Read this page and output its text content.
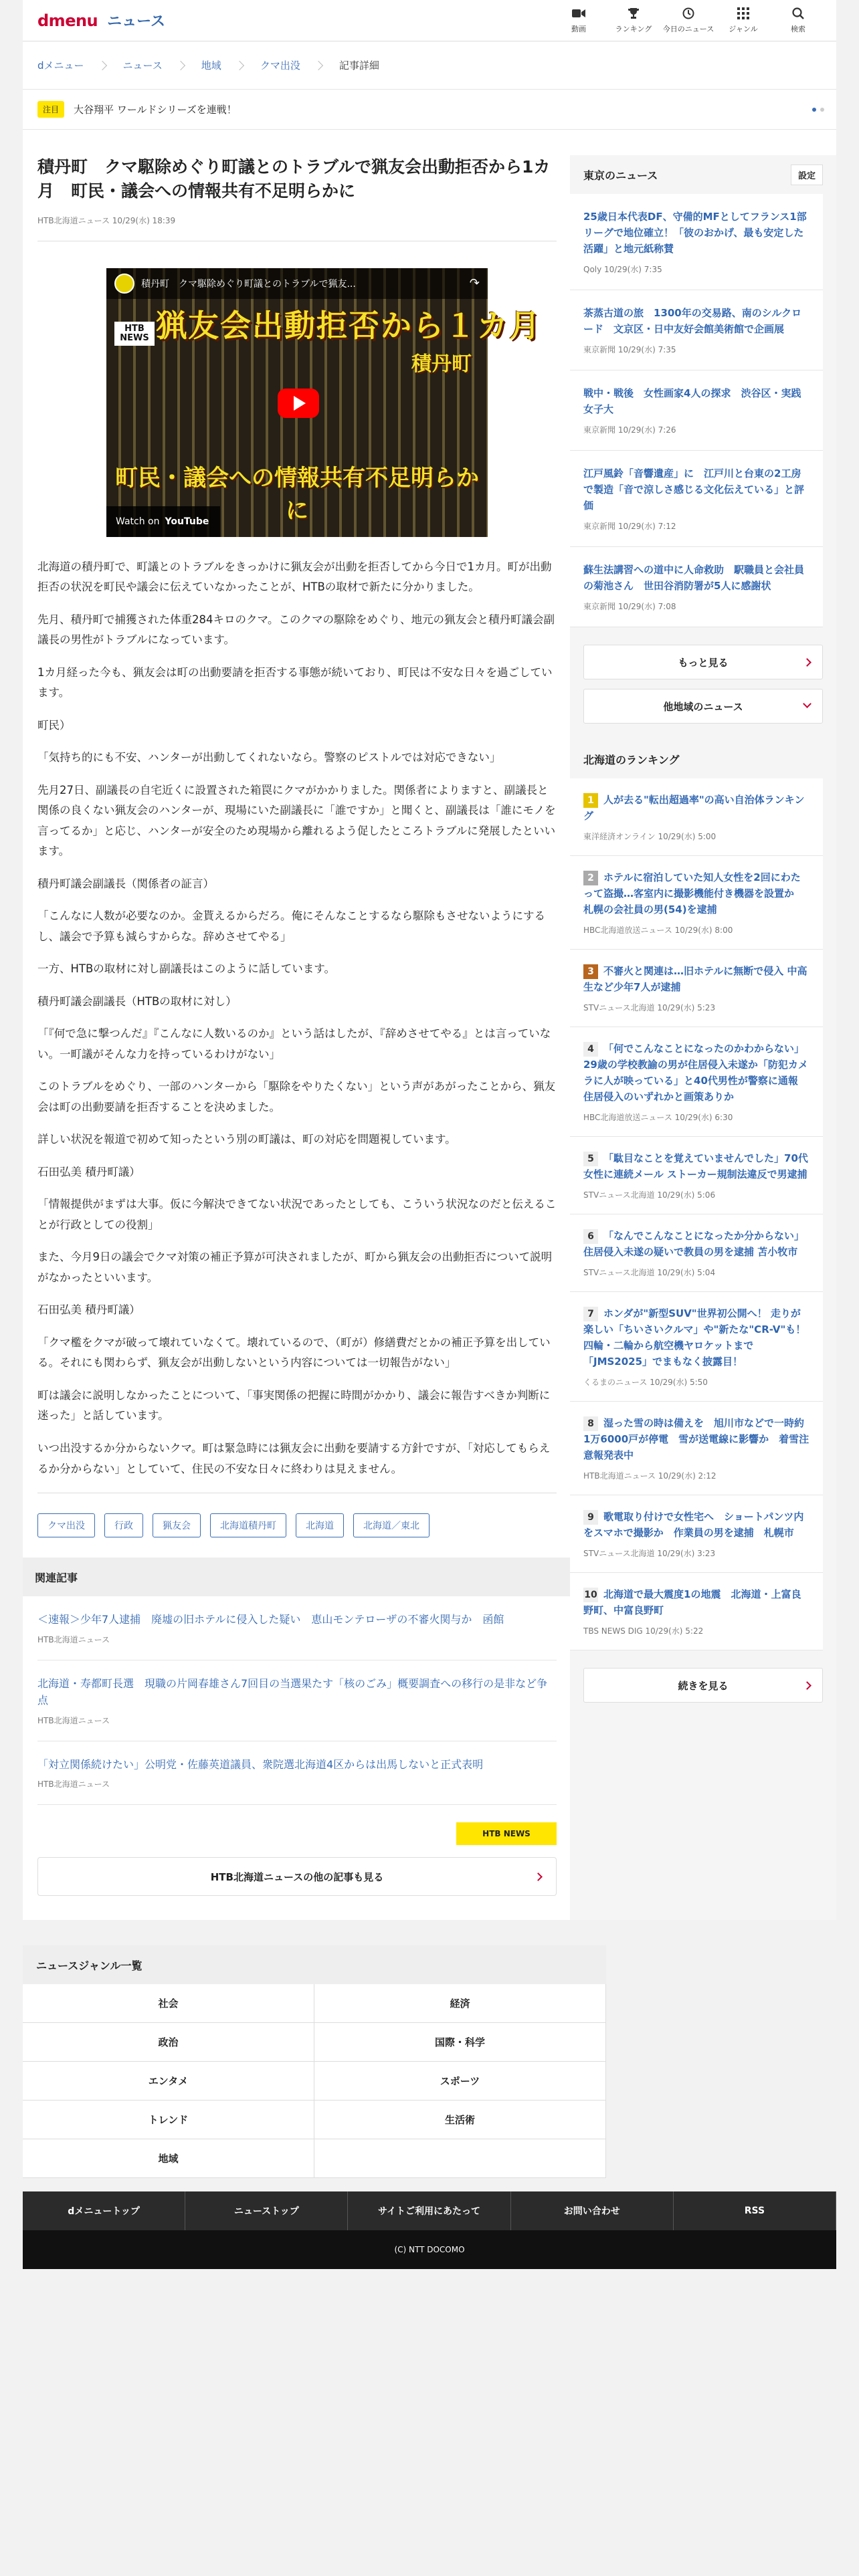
dmenu ニュース	動画	ランキング 今日のニュース ジャンル	検索
dメニュー	ニュース	地域	クマ出没	記事詳細
注目	大谷翔平 ワールドシリーズを連戦！
積丹町　クマ駆除めぐり町議とのトラブルで猟友会出動拒否から1カ月　町民・議会への情報共有不足明らかに
HTB北海道ニュース 10/29(水) 18:39
積丹町　クマ駆除めぐり町議とのトラブルで猟友...	↷
HTB NEWS 猟友会出動拒否から１カ月
積丹町
町民・議会への情報共有不足明らかに
Watch on YouTube

北海道の積丹町で、町議とのトラブルをきっかけに猟友会が出動を拒否してから今日で1カ月。町が出動拒否の状況を町民や議会に伝えていなかったことが、HTBの取材で新たに分かりました。

先月、積丹町で捕獲された体重284キロのクマ。このクマの駆除をめぐり、地元の猟友会と積丹町議会副議長の男性がトラブルになっています。

1カ月経った今も、猟友会は町の出動要請を拒否する事態が続いており、町民は不安な日々を過ごしています。

町民）

「気持ち的にも不安、ハンターが出動してくれないなら。警察のピストルでは対応できない」

先月27日、副議長の自宅近くに設置された箱罠にクマがかかりました。関係者によりますと、副議長と関係の良くない猟友会のハンターが、現場にいた副議長に「誰ですか」と聞くと、副議長は「誰にモノを言ってるか」と応じ、ハンターが安全のため現場から離れるよう促したところトラブルに発展したといいます。

積丹町議会副議長（関係者の証言）

「こんなに人数が必要なのか。金貰えるからだろ。俺にそんなことするなら駆除もさせないようにするし、議会で予算も減らすからな。辞めさせてやる」

一方、HTBの取材に対し副議長はこのように話しています。

積丹町議会副議長（HTBの取材に対し）

「『何で急に撃つんだ』『こんなに人数いるのか』という話はしたが、『辞めさせてやる』とは言っていない。一町議がそんな力を持っているわけがない」

このトラブルをめぐり、一部のハンターから「駆除をやりたくない」という声があがったことから、猟友会は町の出動要請を拒否することを決めました。

詳しい状況を報道で初めて知ったという別の町議は、町の対応を問題視しています。

石田弘美 積丹町議）

「情報提供がまずは大事。仮に今解決できてない状況であったとしても、こういう状況なのだと伝えることが行政としての役割」

また、今月9日の議会でクマ対策の補正予算が可決されましたが、町から猟友会の出動拒否について説明がなかったといいます。

石田弘美 積丹町議）

「クマ檻をクマが破って壊れていなくて。壊れているので、（町が）修繕費だとかの補正予算を出している。それにも関わらず、猟友会が出動しないという内容については一切報告がない」

町は議会に説明しなかったことについて、「事実関係の把握に時間がかかり、議会に報告すべきか判断に迷った」と話しています。

いつ出没するか分からないクマ。町は緊急時には猟友会に出動を要請する方針ですが、「対応してもらえるか分からない」としていて、住民の不安な日々に終わりは見えません。

クマ出没	行政	猟友会	北海道積丹町	北海道	北海道／東北
関連記事
＜速報＞少年7人逮捕　廃墟の旧ホテルに侵入した疑い　恵山モンテローザの不審火関与か　函館
HTB北海道ニュース
北海道・寿都町長選　現職の片岡春雄さん7回目の当選果たす「核のごみ」概要調査への移行の是非など争点
HTB北海道ニュース
「対立関係続けたい」公明党・佐藤英道議員、衆院選北海道4区からは出馬しないと正式表明
HTB北海道ニュース
HTB NEWS
HTB北海道ニュースの他の記事も見る
東京のニュース	設定
25歳日本代表DF、守備的MFとしてフランス1部リーグで地位確立！「彼のおかげ、最も安定した活躍」と地元紙称賛
Qoly 10/29(水) 7:35
茶蒸古道の旅　1300年の交易路、南のシルクロード　文京区・日中友好会館美術館で企画展
東京新聞 10/29(水) 7:35
戦中・戦後　女性画家4人の探求　渋谷区・実践女子大
東京新聞 10/29(水) 7:26
江戸風鈴「音響遺産」に　江戸川と台東の2工房で製造「音で涼しさ感じる文化伝えている」と評価
東京新聞 10/29(水) 7:12
蘇生法講習への道中に人命救助　駅職員と会社員の菊池さん　世田谷消防署が5人に感謝状
東京新聞 10/29(水) 7:08
もっと見る
他地域のニュース
北海道のランキング
1 人が去る"転出超過率"の高い自治体ランキング
東洋経済オンライン 10/29(水) 5:00
2 ホテルに宿泊していた知人女性を2回にわたって盗撮…客室内に撮影機能付き機器を設置か　札幌の会社員の男(54)を逮捕
HBC北海道放送ニュース 10/29(水) 8:00
3 不審火と関連は…旧ホテルに無断で侵入 中高生など少年7人が逮捕
STVニュース北海道 10/29(水) 5:23
4 「何でこんなことになったのかわからない」29歳の学校教諭の男が住居侵入未遂か「防犯カメラに人が映っている」と40代男性が警察に通報　住居侵入のいずれかと画策ありか
HBC北海道放送ニュース 10/29(水) 6:30
5 「駄目なことを覚えていませんでした」70代女性に連続メール ストーカー規制法違反で男逮捕
STVニュース北海道 10/29(水) 5:06
6 「なんでこんなことになったか分からない」住居侵入未遂の疑いで教員の男を逮捕 苫小牧市
STVニュース北海道 10/29(水) 5:04
7 ホンダが"新型SUV"世界初公開へ！ 走りが楽しい「ちいさいクルマ」や"新たな"CR-V"も！ 四輪・二輪から航空機ヤロケットまで「JMS2025」でまもなく披露目！
くるまのニュース 10/29(水) 5:50
8 湿った雪の時は備えを　旭川市などで一時約1万6000戸が停電　雪が送電線に影響か　着雪注意報発表中
HTB北海道ニュース 10/29(水) 2:12
9 歌電取り付けで女性宅へ　ショートパンツ内をスマホで撮影か　作業員の男を逮捕　札幌市
STVニュース北海道 10/29(水) 3:23
10 北海道で最大震度1の地震　北海道・上富良野町、中富良野町
TBS NEWS DIG 10/29(水) 5:22
続きを見る
ニュースジャンル一覧
社会	経済
政治	国際・科学
エンタメ	スポーツ
トレンド	生活術
地域
dメニュートップ	ニューストップ	サイトご利用にあたって	お問い合わせ	RSS
(C) NTT DOCOMO
